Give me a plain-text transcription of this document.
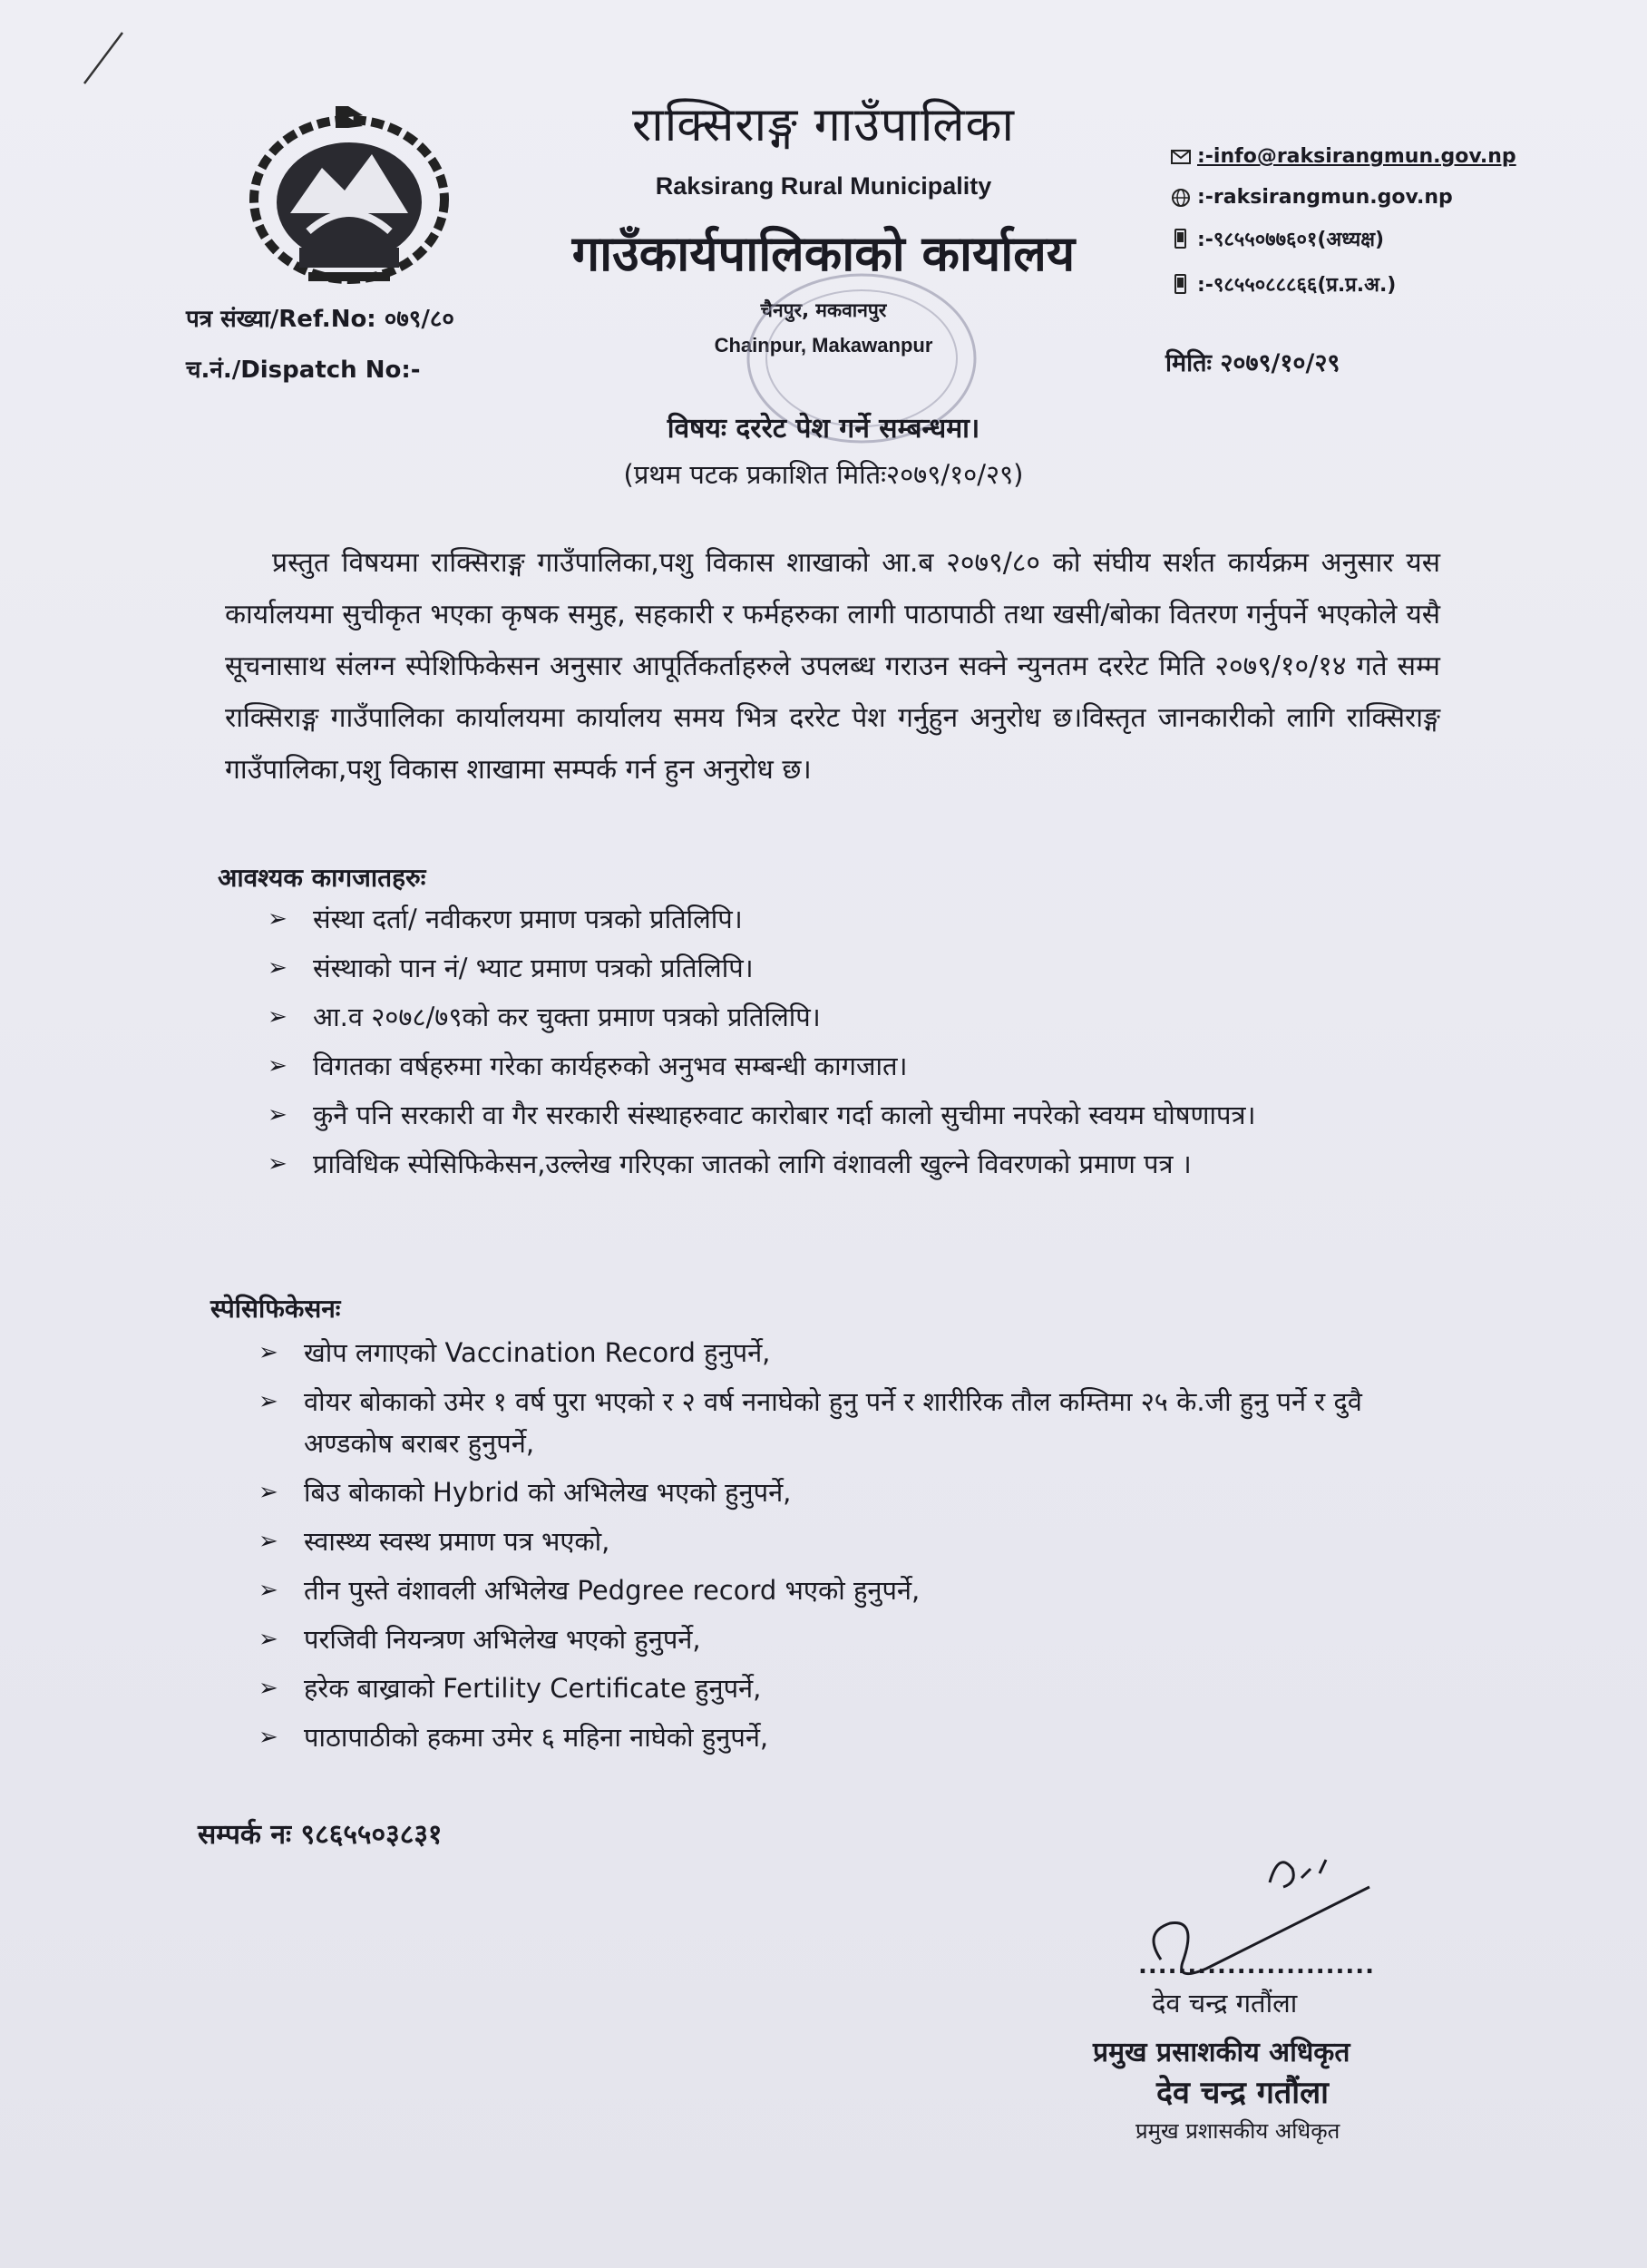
राक्सिराङ्ग गाउँपालिका
Raksirang Rural Municipality
गाउँकार्यपालिकाको कार्यालय
चैनपुर, मकवानपुर
Chainpur, Makawanpur
:-info@raksirangmun.gov.np
:-raksirangmun.gov.np
:-९८५५०७७६०१(अध्यक्ष)
:-९८५५०८८८६६(प्र.प्र.अ.)
मितिः २०७९/१०/२९
पत्र संख्या/Ref.No: ०७९/८०
च.नं./Dispatch No:-
विषयः दररेट पेश गर्ने सम्बन्धमा।
(प्रथम पटक प्रकाशित मितिः२०७९/१०/२९)
प्रस्तुत विषयमा राक्सिराङ्ग गाउँपालिका,पशु विकास शाखाको आ.ब २०७९/८० को संघीय सर्शत कार्यक्रम अनुसार यस कार्यालयमा सुचीकृत भएका कृषक समुह, सहकारी र फर्महरुका लागी पाठापाठी तथा खसी/बोका वितरण गर्नुपर्ने भएकोले यसै सूचनासाथ संलग्न स्पेशिफिकेसन अनुसार आपूर्तिकर्ताहरुले उपलब्ध गराउन सक्ने न्युनतम दररेट मिति २०७९/१०/१४ गते सम्म राक्सिराङ्ग गाउँपालिका कार्यालयमा कार्यालय समय भित्र दररेट पेश गर्नुहुन अनुरोध छ।विस्तृत जानकारीको लागि राक्सिराङ्ग गाउँपालिका,पशु विकास शाखामा सम्पर्क गर्न हुन अनुरोध छ।
आवश्यक कागजातहरुः
➢ संस्था दर्ता/ नवीकरण प्रमाण पत्रको प्रतिलिपि।
➢ संस्थाको पान नं/ भ्याट प्रमाण पत्रको प्रतिलिपि।
➢ आ.व २०७८/७९को कर चुक्ता प्रमाण पत्रको प्रतिलिपि।
➢ विगतका वर्षहरुमा गरेका कार्यहरुको अनुभव सम्बन्धी कागजात।
➢ कुनै पनि सरकारी वा गैर सरकारी संस्थाहरुवाट कारोबार गर्दा कालो सुचीमा नपरेको स्वयम घोषणापत्र।
➢ प्राविधिक स्पेसिफिकेसन,उल्लेख गरिएका जातको लागि वंशावली खुल्ने विवरणको प्रमाण पत्र ।
स्पेसिफिकेसनः
➢ खोप लगाएको Vaccination Record हुनुपर्ने,
➢ वोयर बोकाको उमेर १ वर्ष पुरा भएको र २ वर्ष ननाघेको हुनु पर्ने र शारीरिक तौल कम्तिमा २५ के.जी हुनु पर्ने र दुवै अण्डकोष बराबर हुनुपर्ने,
➢ बिउ बोकाको Hybrid को अभिलेख भएको हुनुपर्ने,
➢ स्वास्थ्य स्वस्थ प्रमाण पत्र भएको,
➢ तीन पुस्ते वंशावली अभिलेख Pedgree record भएको हुनुपर्ने,
➢ परजिवी नियन्त्रण अभिलेख भएको हुनुपर्ने,
➢ हरेक बाख्राको Fertility Certificate हुनुपर्ने,
➢ पाठापाठीको हकमा उमेर ६ महिना नाघेको हुनुपर्ने,
सम्पर्क नः ९८६५५०३८३१
........................
देव चन्द्र गतौंला
प्रमुख प्रसाशकीय अधिकृत
देव चन्द्र गतौंला
प्रमुख प्रशासकीय अधिकृत
